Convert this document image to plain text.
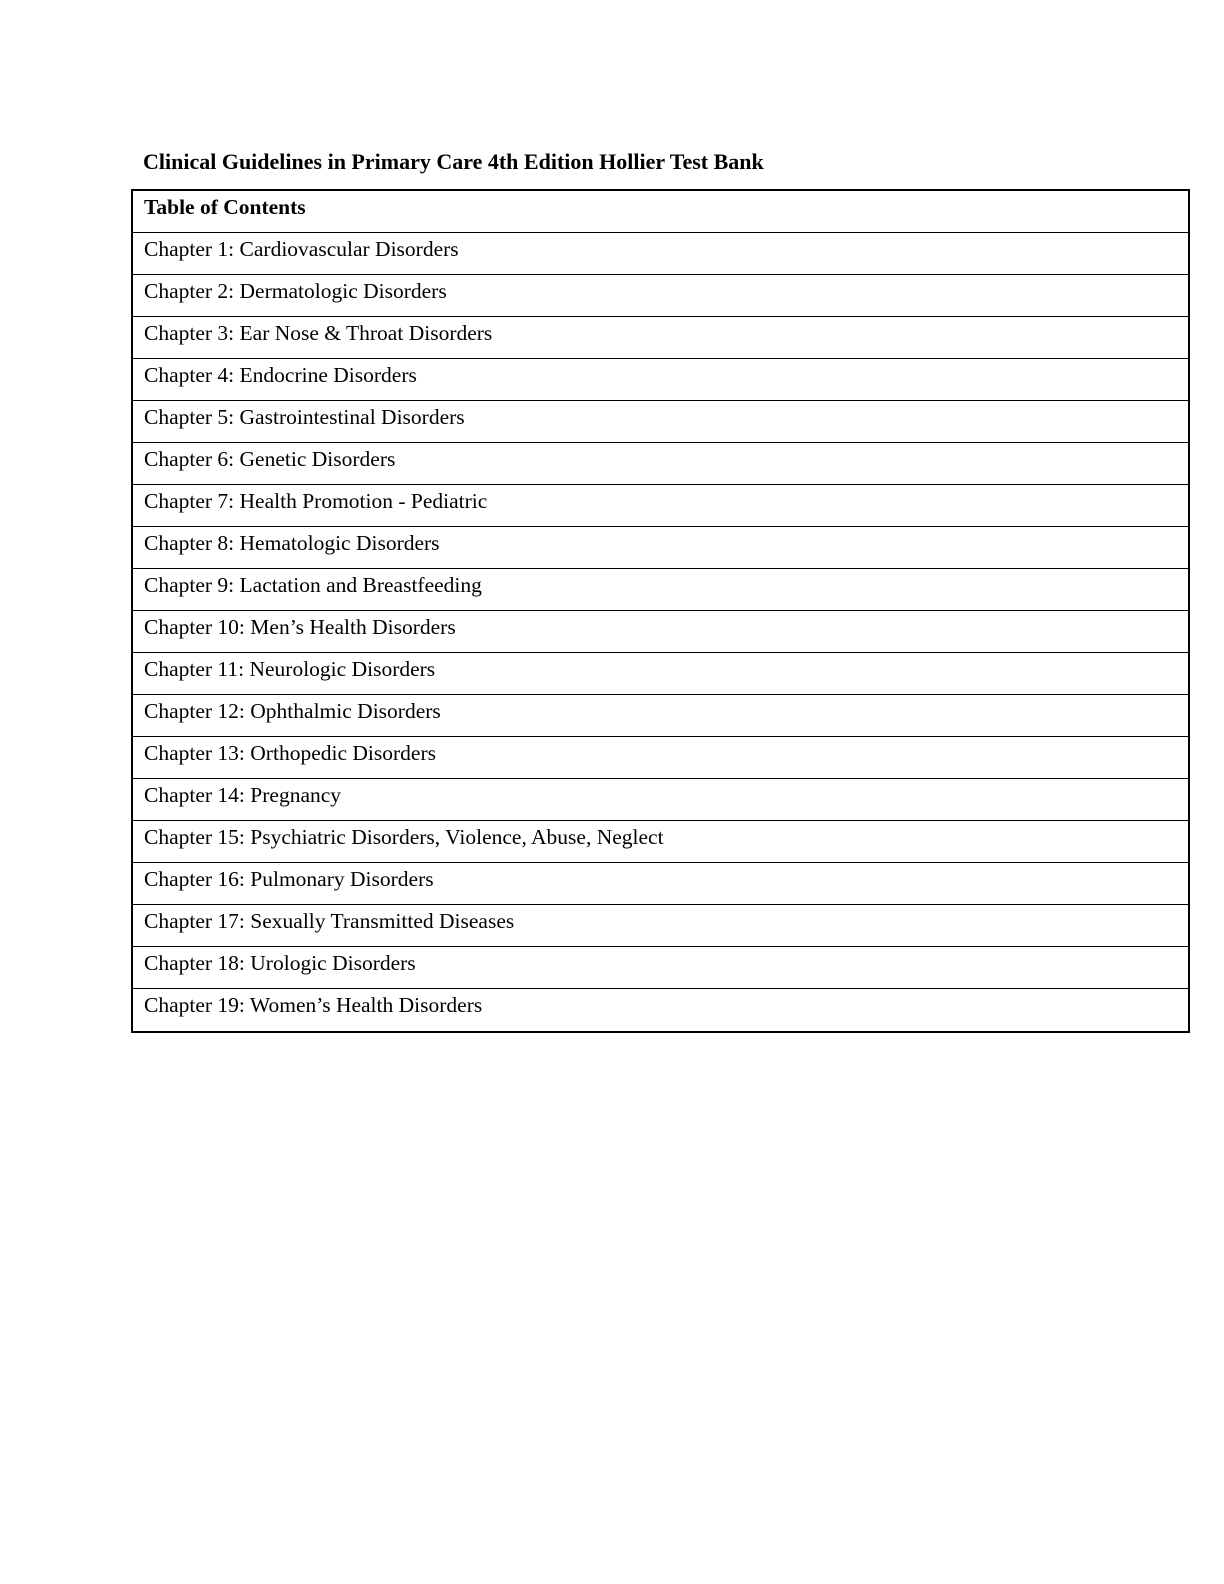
Clinical Guidelines in Primary Care 4th Edition Hollier Test Bank
Table of Contents
Chapter 1: Cardiovascular Disorders
Chapter 2: Dermatologic Disorders
Chapter 3: Ear Nose & Throat Disorders
Chapter 4: Endocrine Disorders
Chapter 5: Gastrointestinal Disorders
Chapter 6: Genetic Disorders
Chapter 7: Health Promotion - Pediatric
Chapter 8: Hematologic Disorders
Chapter 9: Lactation and Breastfeeding
Chapter 10: Men’s Health Disorders
Chapter 11: Neurologic Disorders
Chapter 12: Ophthalmic Disorders
Chapter 13: Orthopedic Disorders
Chapter 14: Pregnancy
Chapter 15: Psychiatric Disorders, Violence, Abuse, Neglect
Chapter 16: Pulmonary Disorders
Chapter 17: Sexually Transmitted Diseases
Chapter 18: Urologic Disorders
Chapter 19: Women’s Health Disorders
